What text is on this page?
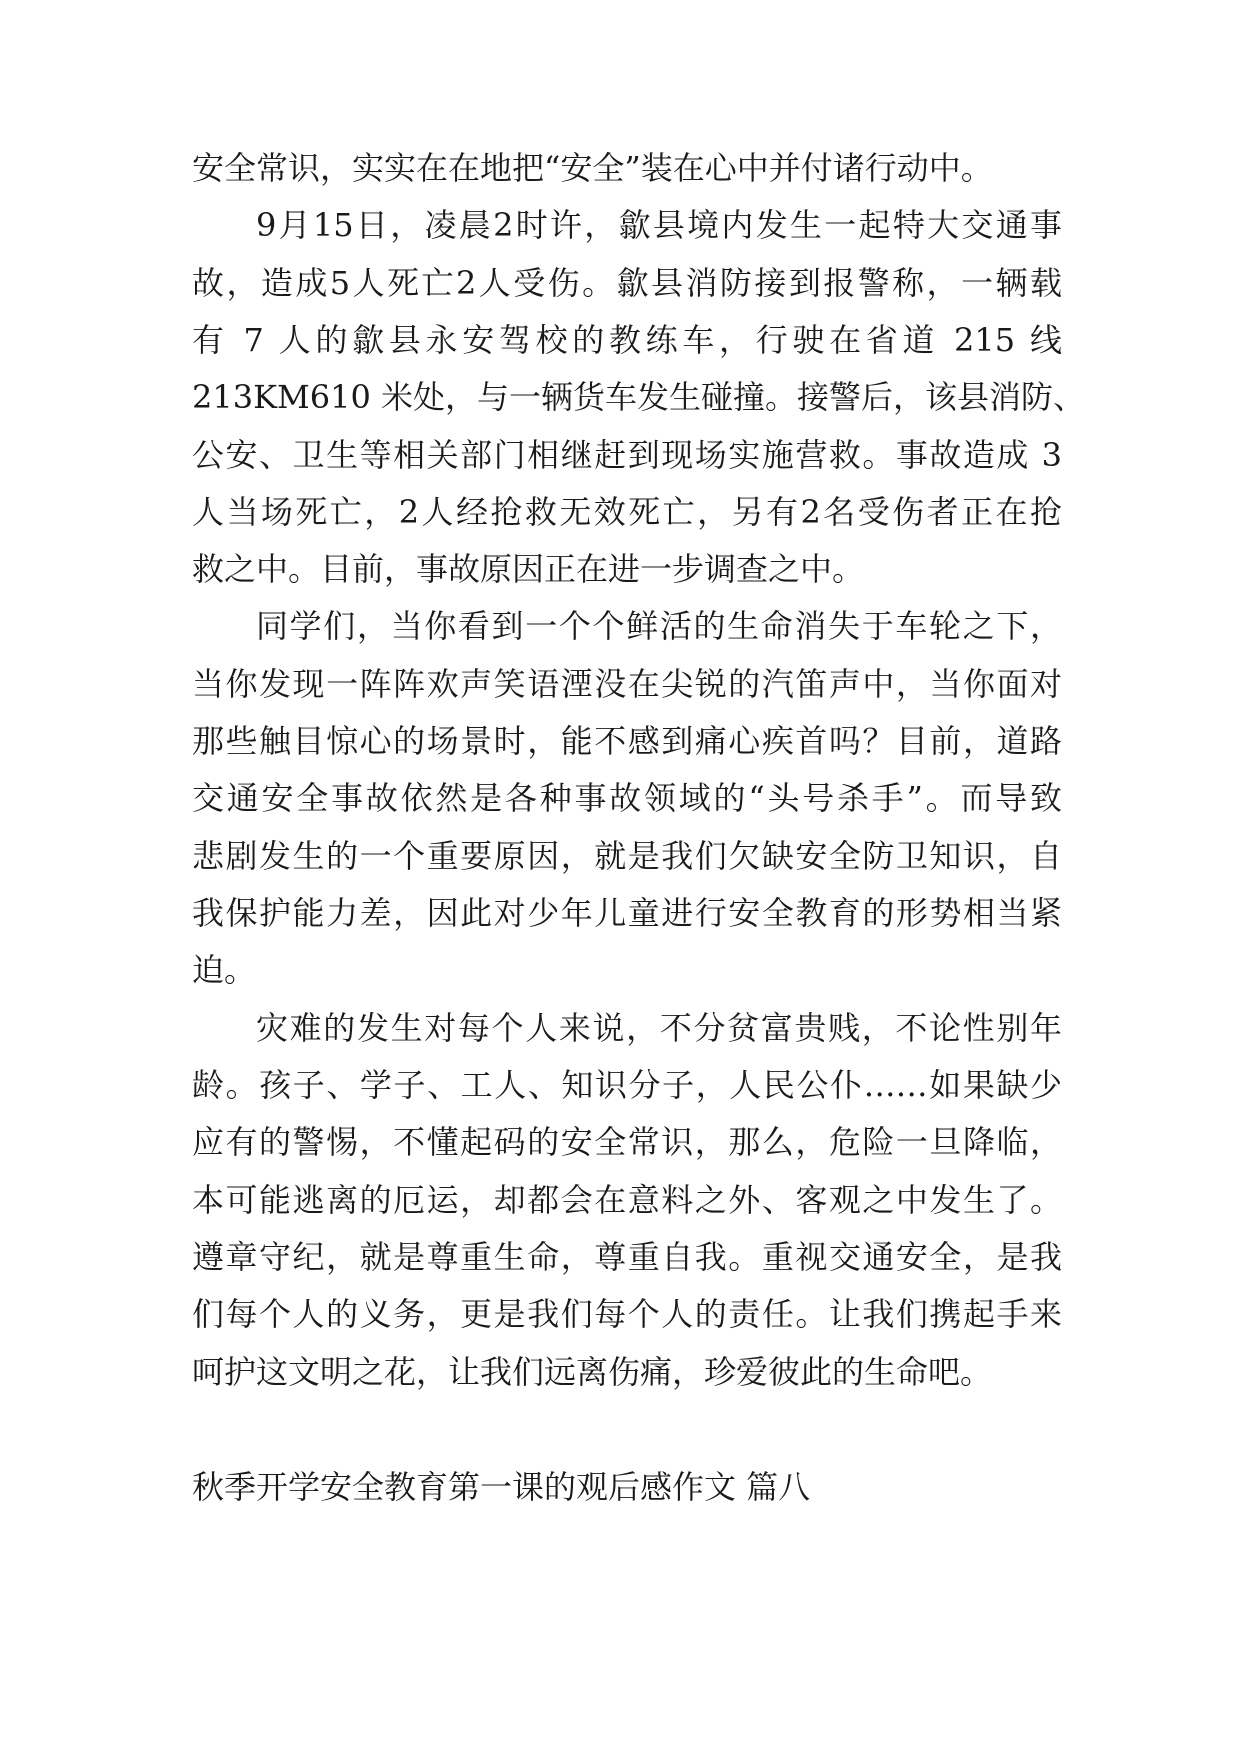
安全常识，实实在在地把“安全”装在心中并付诸行动中。
9月15日，凌晨2时许，歙县境内发生一起特大交通事
故，造成5人死亡2人受伤。歙县消防接到报警称，一辆载
有 7 人的歙县永安驾校的教练车，行驶在省道 215 线
213KM610 米处，与一辆货车发生碰撞。接警后，该县消防、
公安、卫生等相关部门相继赶到现场实施营救。事故造成 3
人当场死亡，2人经抢救无效死亡，另有2名受伤者正在抢
救之中。目前，事故原因正在进一步调查之中。
同学们，当你看到一个个鲜活的生命消失于车轮之下，
当你发现一阵阵欢声笑语湮没在尖锐的汽笛声中，当你面对
那些触目惊心的场景时，能不感到痛心疾首吗？目前，道路
交通安全事故依然是各种事故领域的“头号杀手”。而导致
悲剧发生的一个重要原因，就是我们欠缺安全防卫知识，自
我保护能力差，因此对少年儿童进行安全教育的形势相当紧
迫。
灾难的发生对每个人来说，不分贫富贵贱，不论性别年
龄。孩子、学子、工人、知识分子，人民公仆……如果缺少
应有的警惕，不懂起码的安全常识，那么，危险一旦降临，
本可能逃离的厄运，却都会在意料之外、客观之中发生了。
遵章守纪，就是尊重生命，尊重自我。重视交通安全，是我
们每个人的义务，更是我们每个人的责任。让我们携起手来
呵护这文明之花，让我们远离伤痛，珍爱彼此的生命吧。
秋季开学安全教育第一课的观后感作文 篇八
